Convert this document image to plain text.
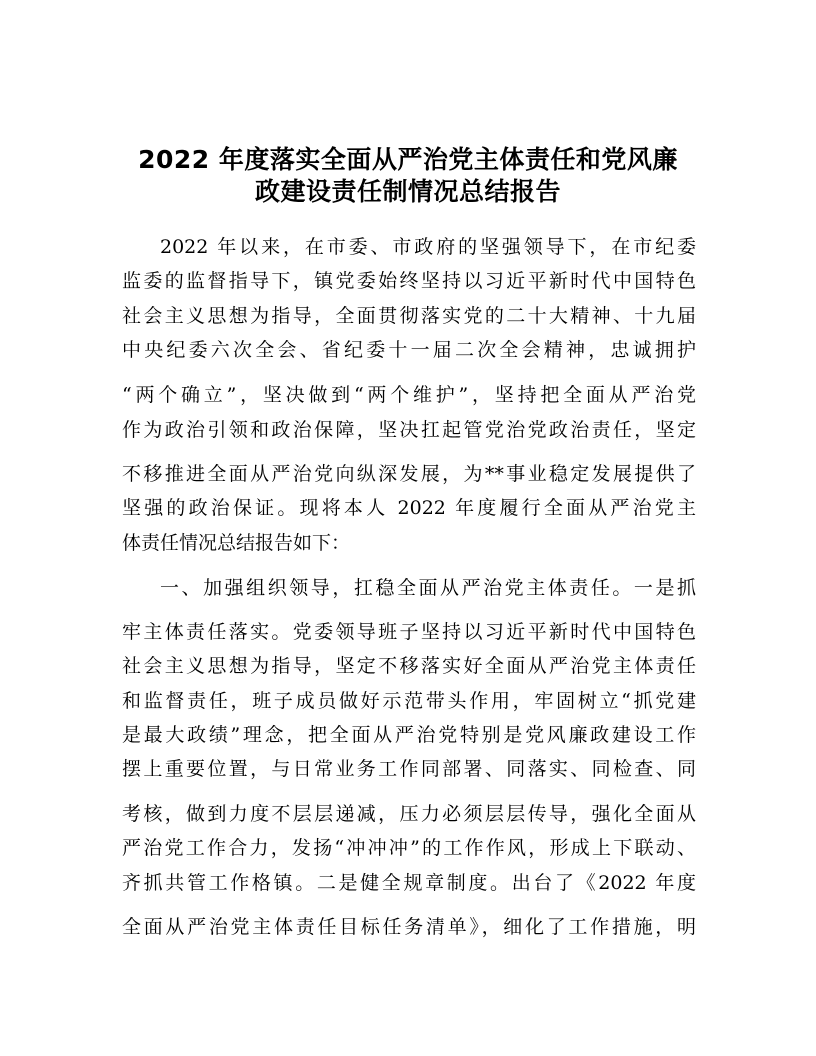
2022 年度落实全面从严治党主体责任和党风廉
政建设责任制情况总结报告
2022 年以来，在市委、市政府的坚强领导下，在市纪委
监委的监督指导下，镇党委始终坚持以习近平新时代中国特色
社会主义思想为指导，全面贯彻落实党的二十大精神、十九届
中央纪委六次全会、省纪委十一届二次全会精神，忠诚拥护
“两个确立”，坚决做到“两个维护”，坚持把全面从严治党
作为政治引领和政治保障，坚决扛起管党治党政治责任，坚定
不移推进全面从严治党向纵深发展，为**事业稳定发展提供了
坚强的政治保证。现将本人 2022 年度履行全面从严治党主
体责任情况总结报告如下：
一、加强组织领导，扛稳全面从严治党主体责任。一是抓
牢主体责任落实。党委领导班子坚持以习近平新时代中国特色
社会主义思想为指导，坚定不移落实好全面从严治党主体责任
和监督责任，班子成员做好示范带头作用，牢固树立“抓党建
是最大政绩”理念，把全面从严治党特别是党风廉政建设工作
摆上重要位置，与日常业务工作同部署、同落实、同检查、同
考核，做到力度不层层递减，压力必须层层传导，强化全面从
严治党工作合力，发扬“冲冲冲”的工作作风，形成上下联动、
齐抓共管工作格镇。二是健全规章制度。出台了《2022 年度
全面从严治党主体责任目标任务清单》，细化了工作措施，明
